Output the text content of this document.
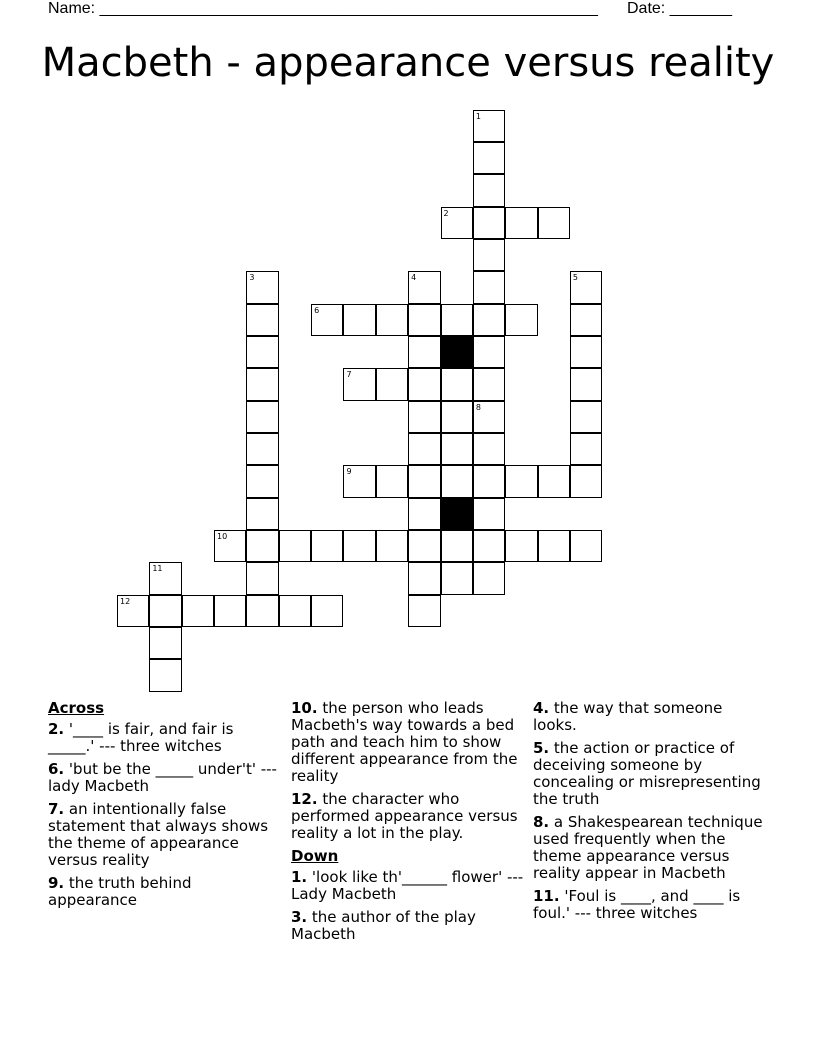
Name: ________________________________________________________ Date: _______
Macbeth - appearance versus reality
1
2
3	4	5
6
7
8
9
10
11
12
Across
2. '____ is fair, and fair is _____.' --- three witches
6. 'but be the _____ under't' --- lady Macbeth
7. an intentionally false statement that always shows the theme of appearance versus reality
9. the truth behind appearance
10. the person who leads Macbeth's way towards a bed path and teach him to show different appearance from the reality
12. the character who performed appearance versus reality a lot in the play.
Down
1. 'look like th'______ flower' --- Lady Macbeth
3. the author of the play Macbeth
4. the way that someone looks.
5. the action or practice of deceiving someone by concealing or misrepresenting the truth
8. a Shakespearean technique used frequently when the theme appearance versus reality appear in Macbeth
11. 'Foul is ____, and ____ is foul.' --- three witches
